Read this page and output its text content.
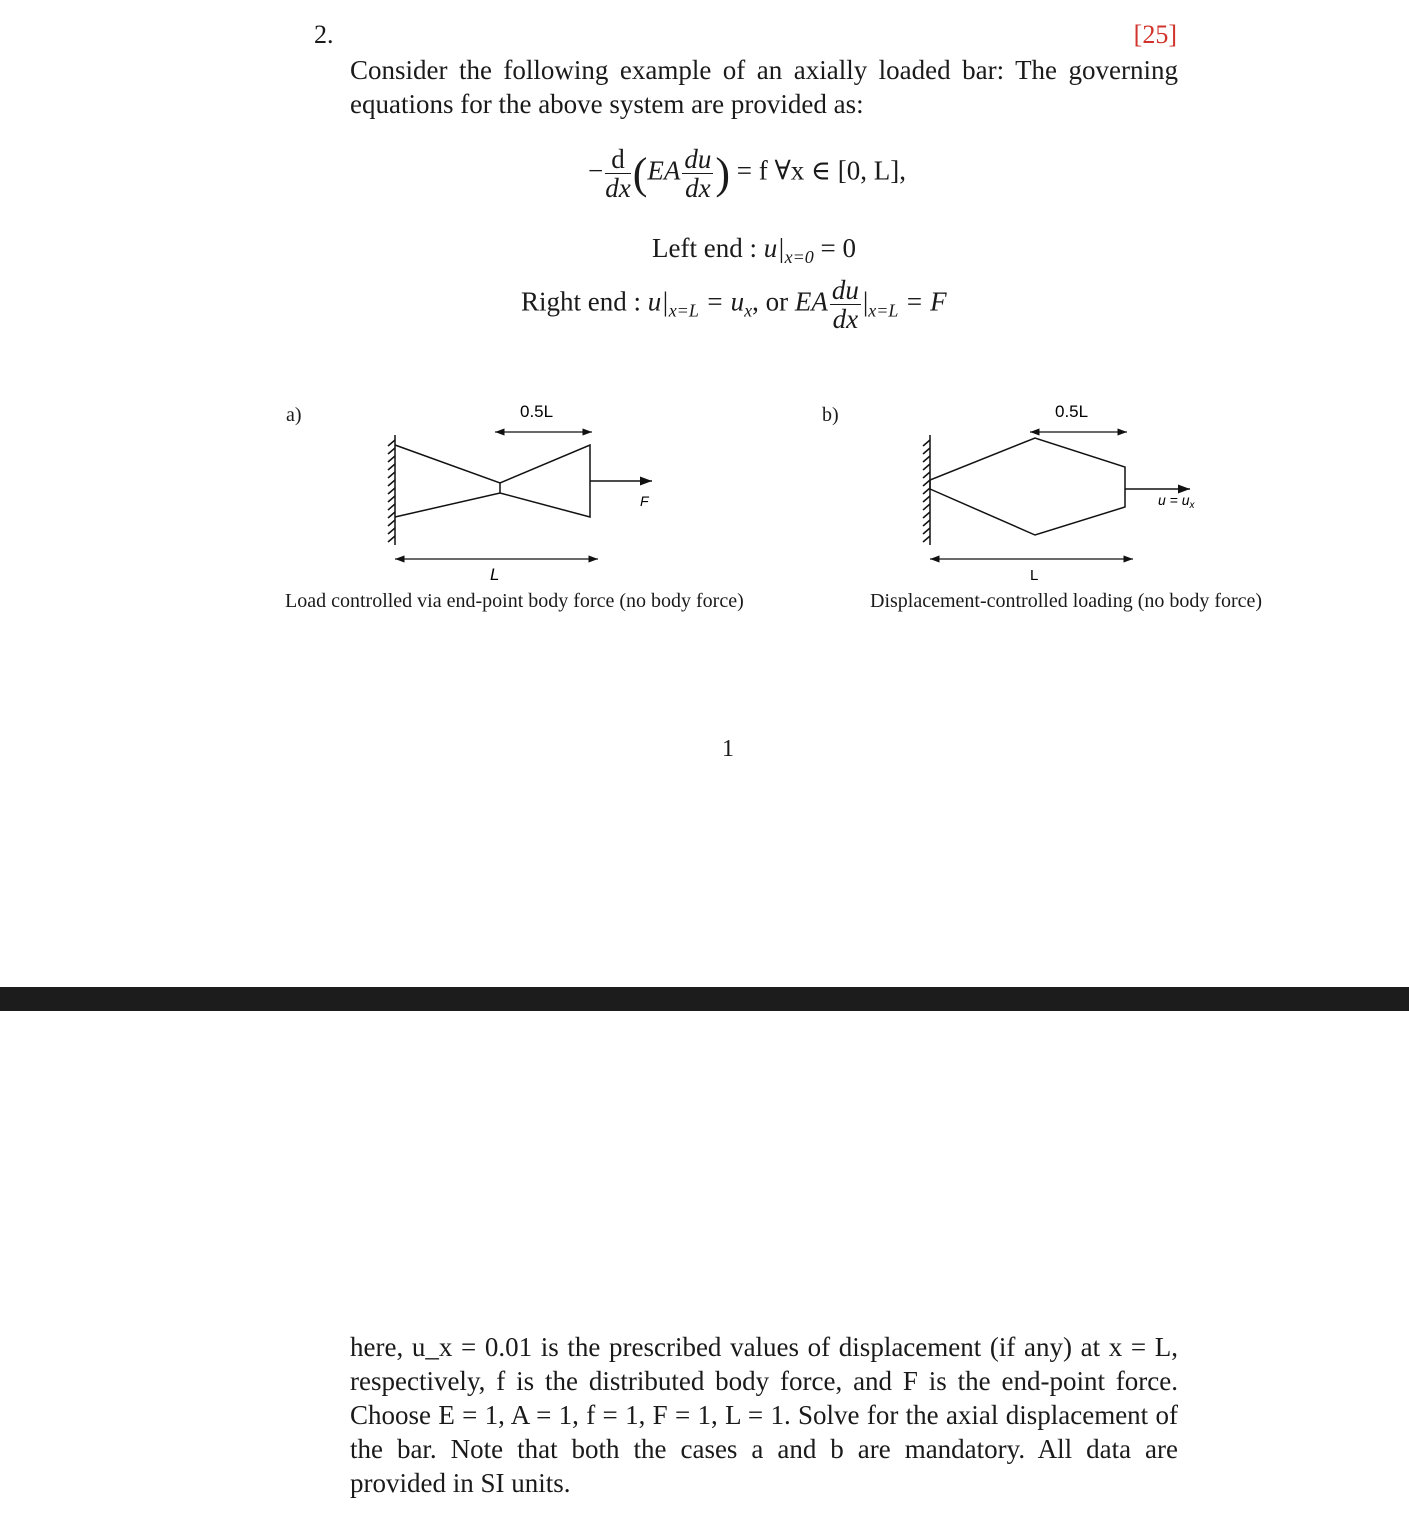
2.	[25]
Consider the following example of an axially loaded bar: The governing equations for the above system are provided as:
− $\frac{d}{dx} (EA \frac{du}{dx}$ ) = f ∀x ∈ [0, L],
Left end : $u|_{x=0} = 0$
Right end : $u|_{x=L} = u_x$, or EA $\frac{du}{dx} |_{x=L} = F$
a)
F
0.5L
L
Load controlled via end-point body force (no body force)
b)
$u = u_x$
0.5L
L
Displacement-controlled loading (no body force)
1
here, u_x = 0.01 is the prescribed values of displacement (if any) at x = L, respectively, f is the distributed body force, and F is the end-point force. Choose E = 1, A = 1, f = 1, F = 1, L = 1. Solve for the axial displacement of the bar. Note that both the cases a and b are mandatory. All data are provided in SI units.
